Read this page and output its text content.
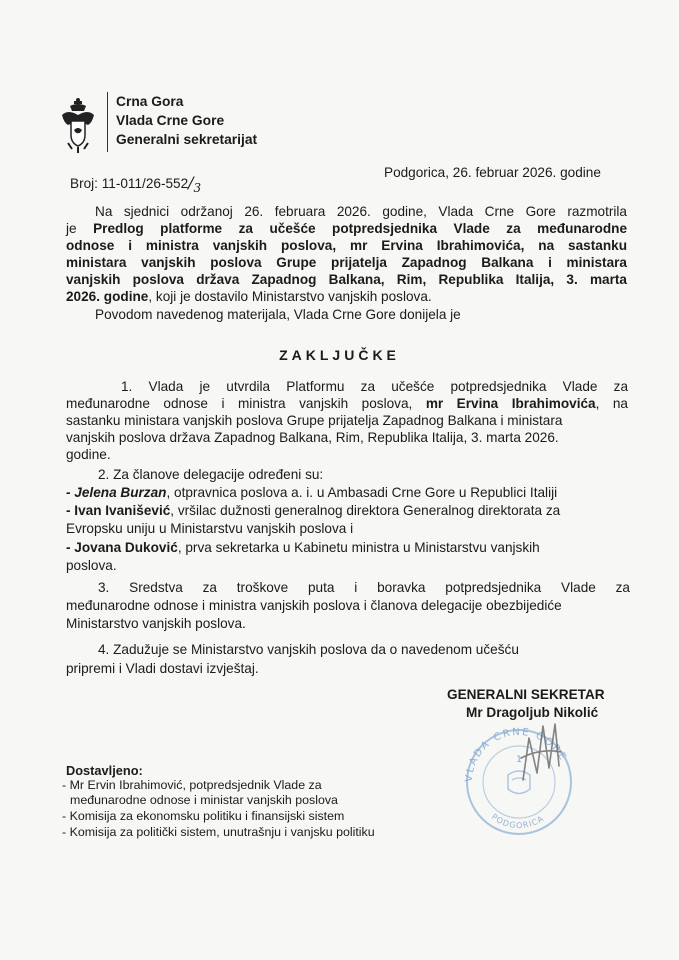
Crna Gora
Vlada Crne Gore
Generalni sekretarijat
Broj: 11-011/26-552/3
Podgorica, 26. februar 2026. godine
Na sjednici održanoj 26. februara 2026. godine, Vlada Crne Gore razmotrila
je Predlog platforme za učešće potpredsjednika Vlade za međunarodne
odnose i ministra vanjskih poslova, mr Ervina Ibrahimovića, na sastanku
ministara vanjskih poslova Grupe prijatelja Zapadnog Balkana i ministara
vanjskih poslova država Zapadnog Balkana, Rim, Republika Italija, 3. marta
2026. godine, koji je dostavilo Ministarstvo vanjskih poslova.
Povodom navedenog materijala, Vlada Crne Gore donijela je
ZAKLJUČKE
1. Vlada je utvrdila Platformu za učešće potpredsjednika Vlade za
međunarodne odnose i ministra vanjskih poslova, mr Ervina Ibrahimovića, na
sastanku ministara vanjskih poslova Grupe prijatelja Zapadnog Balkana i ministara
vanjskih poslova država Zapadnog Balkana, Rim, Republika Italija, 3. marta 2026.
godine.
2. Za članove delegacije određeni su:
- Jelena Burzan, otpravnica poslova a. i. u Ambasadi Crne Gore u Republici Italiji
- Ivan Ivanišević, vršilac dužnosti generalnog direktora Generalnog direktorata za
Evropsku uniju u Ministarstvu vanjskih poslova i
- Jovana Duković, prva sekretarka u Kabinetu ministra u Ministarstvu vanjskih
poslova.
3. Sredstva za troškove puta i boravka potpredsjednika Vlade za
međunarodne odnose i ministra vanjskih poslova i članova delegacije obezbijediće
Ministarstvo vanjskih poslova.
4. Zadužuje se Ministarstvo vanjskih poslova da o navedenom učešću
pripremi i Vladi dostavi izvještaj.
GENERALNI SEKRETAR
Mr Dragoljub Nikolić
VLADA CRNE GORE
PODGORICA
1
Dostavljeno:
- Mr Ervin Ibrahimović, potpredsjednik Vlade za
međunarodne odnose i ministar vanjskih poslova
- Komisija za ekonomsku politiku i finansijski sistem
- Komisija za politički sistem, unutrašnju i vanjsku politiku
